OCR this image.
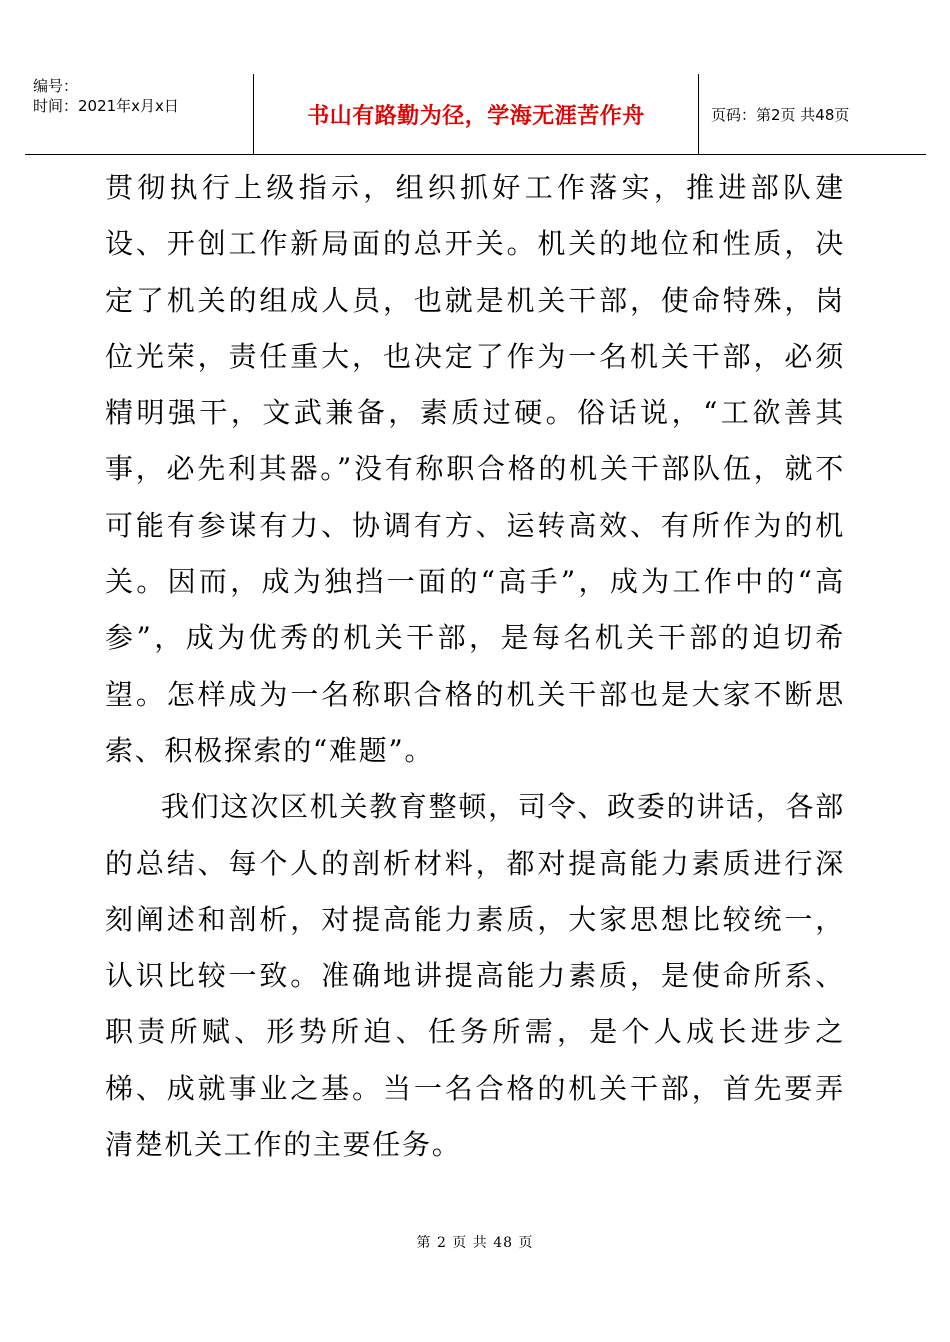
编号：
时间：2021年x月x日	书山有路勤为径，学海无涯苦作舟	页码：第2页 共48页

贯彻执行上级指示，组织抓好工作落实，推进部队建设、开创工作新局面的总开关。机关的地位和性质，决定了机关的组成人员，也就是机关干部，使命特殊，岗位光荣，责任重大，也决定了作为一名机关干部，必须精明强干，文武兼备，素质过硬。俗话说，“工欲善其事，必先利其器。”没有称职合格的机关干部队伍，就不可能有参谋有力、协调有方、运转高效、有所作为的机关。因而，成为独挡一面的“高手”，成为工作中的“高参”，成为优秀的机关干部，是每名机关干部的迫切希望。怎样成为一名称职合格的机关干部也是大家不断思索、积极探索的“难题”。

我们这次区机关教育整顿，司令、政委的讲话，各部的总结、每个人的剖析材料，都对提高能力素质进行深刻阐述和剖析，对提高能力素质，大家思想比较统一，认识比较一致。准确地讲提高能力素质，是使命所系、职责所赋、形势所迫、任务所需，是个人成长进步之梯、成就事业之基。当一名合格的机关干部，首先要弄清楚机关工作的主要任务。

第 2 页 共 48 页
